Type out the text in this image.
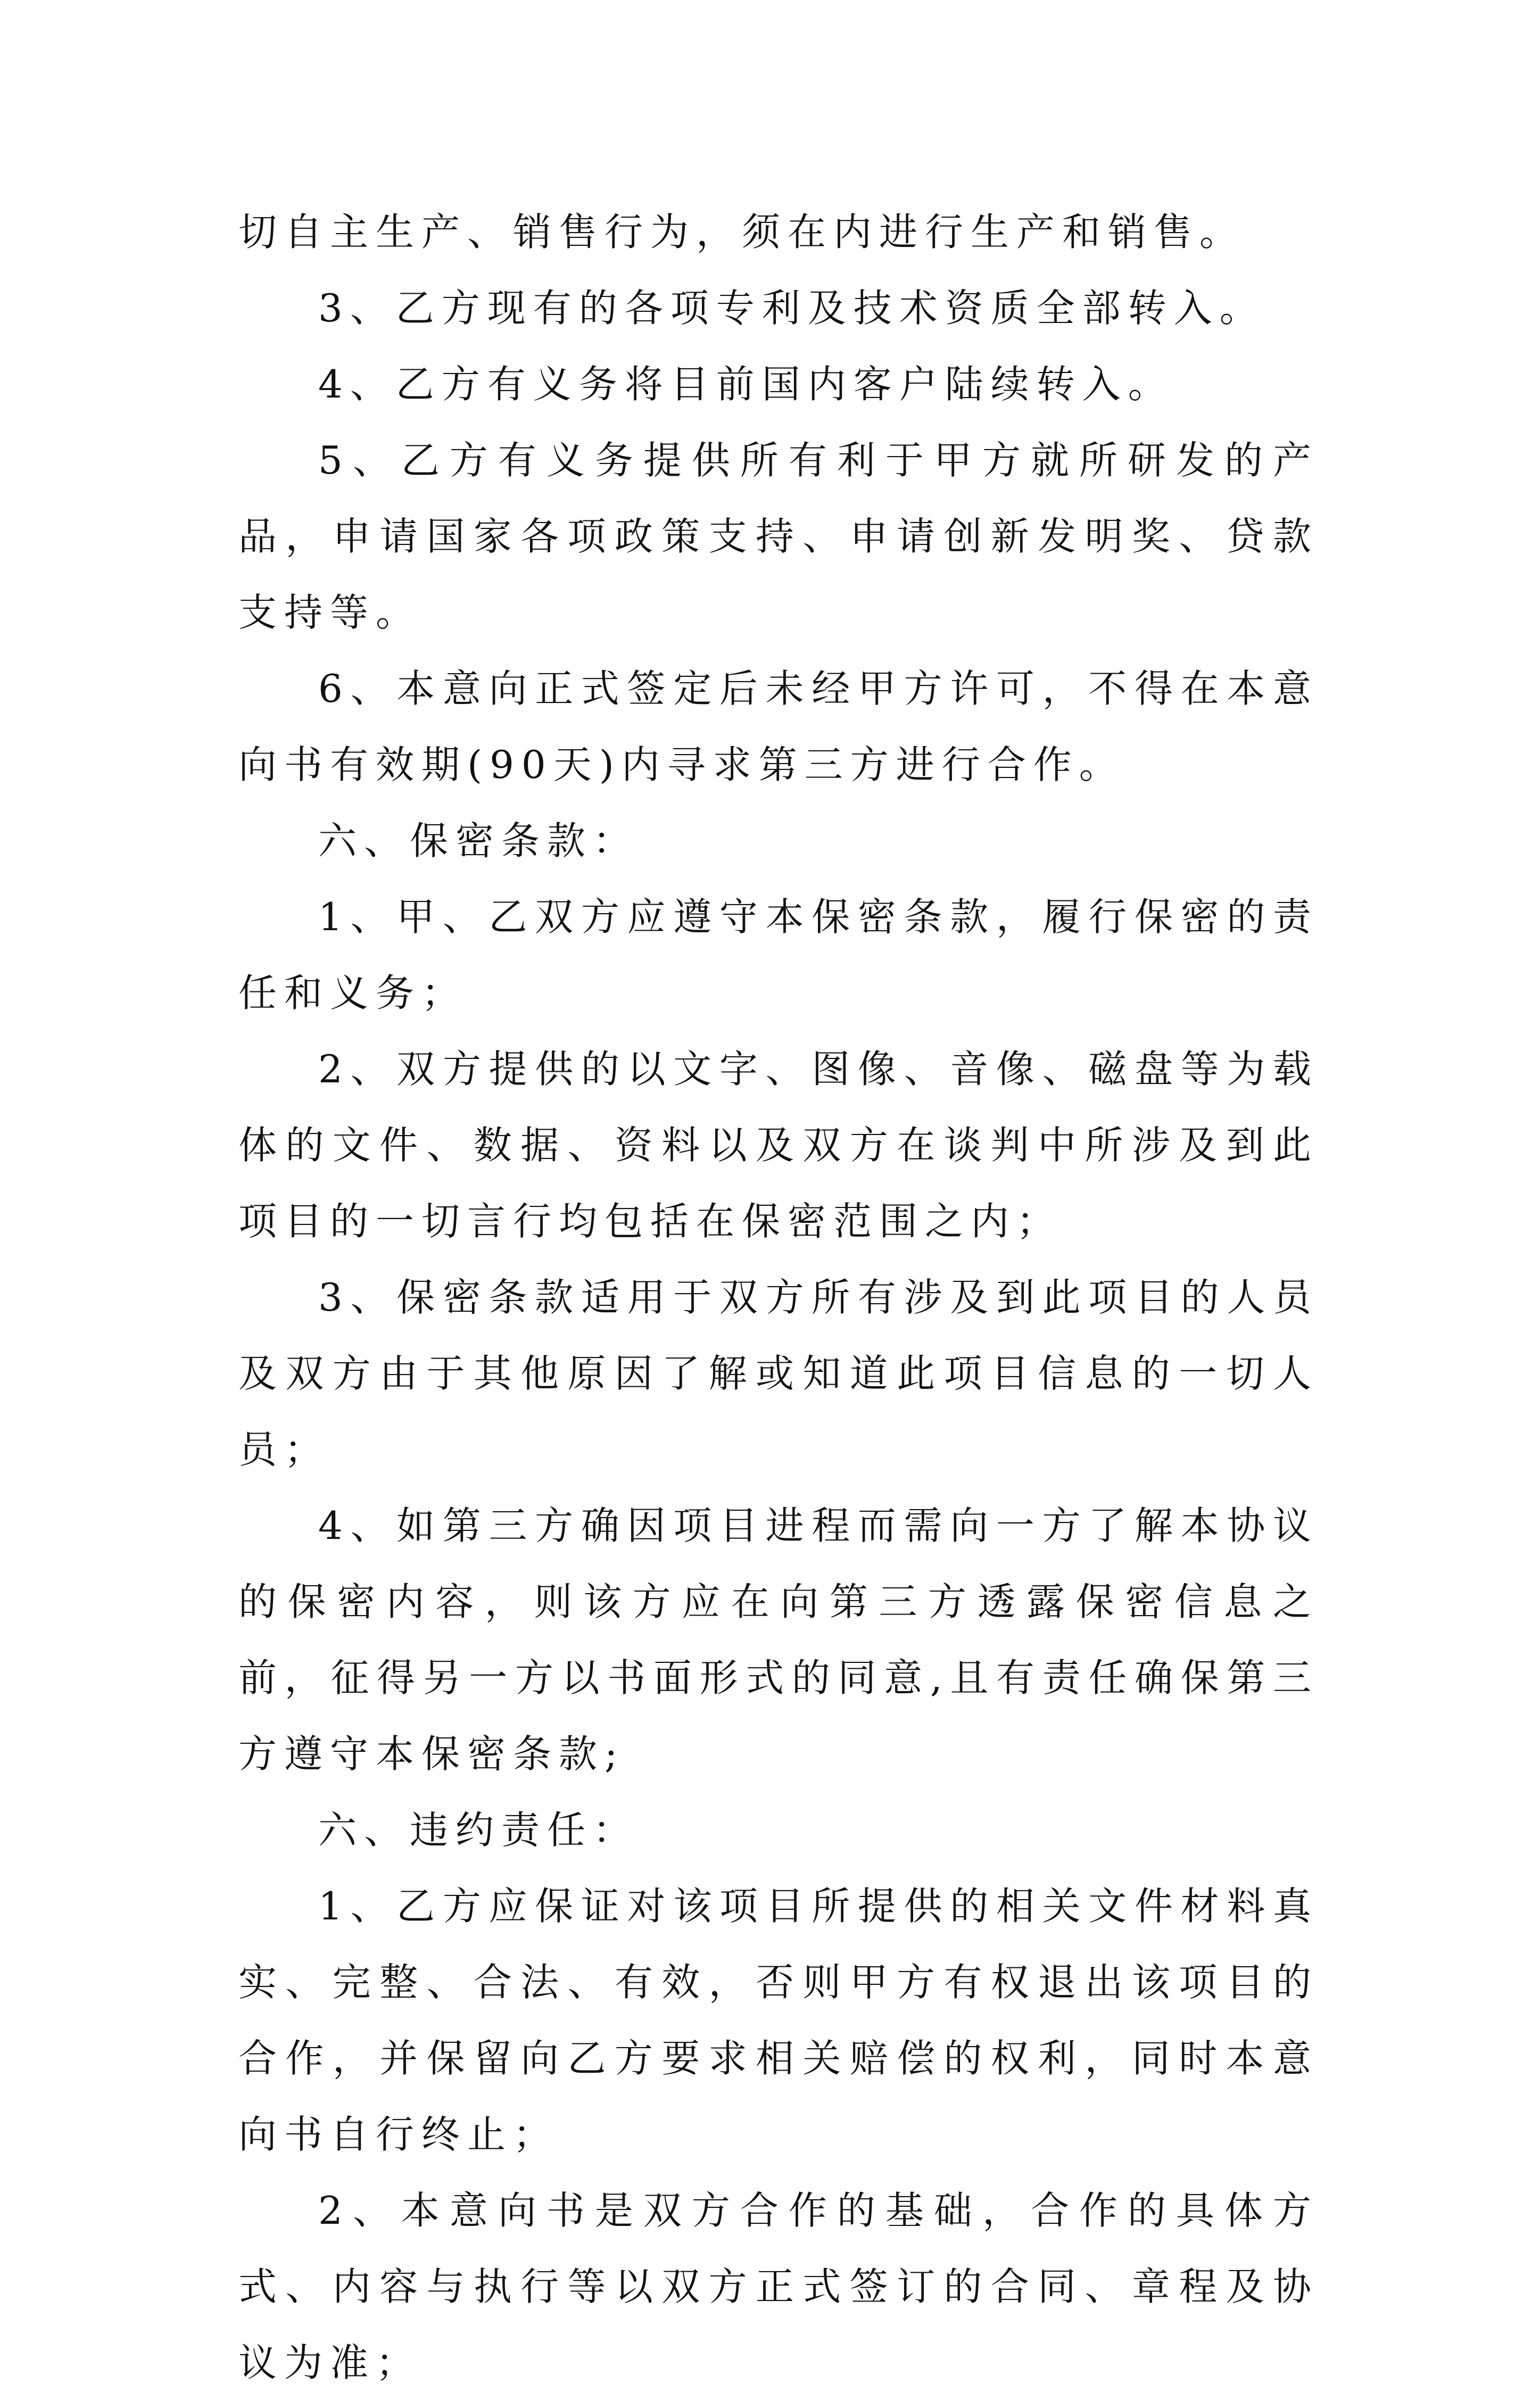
切自主生产、销售行为，须在内进行生产和销售。

3、乙方现有的各项专利及技术资质全部转入。

4、乙方有义务将目前国内客户陆续转入。

5、乙方有义务提供所有利于甲方就所研发的产品，申请国家各项政策支持、申请创新发明奖、贷款支持等。

6、本意向正式签定后未经甲方许可，不得在本意向书有效期(90天)内寻求第三方进行合作。

六、保密条款：

1、甲、乙双方应遵守本保密条款，履行保密的责任和义务；

2、双方提供的以文字、图像、音像、磁盘等为载体的文件、数据、资料以及双方在谈判中所涉及到此项目的一切言行均包括在保密范围之内；

3、保密条款适用于双方所有涉及到此项目的人员及双方由于其他原因了解或知道此项目信息的一切人员；

4、如第三方确因项目进程而需向一方了解本协议的保密内容，则该方应在向第三方透露保密信息之前，征得另一方以书面形式的同意,且有责任确保第三方遵守本保密条款;

六、违约责任：

1、乙方应保证对该项目所提供的相关文件材料真实、完整、合法、有效，否则甲方有权退出该项目的合作，并保留向乙方要求相关赔偿的权利，同时本意向书自行终止；

2、本意向书是双方合作的基础，合作的具体方式、内容与执行等以双方正式签订的合同、章程及协议为准；
